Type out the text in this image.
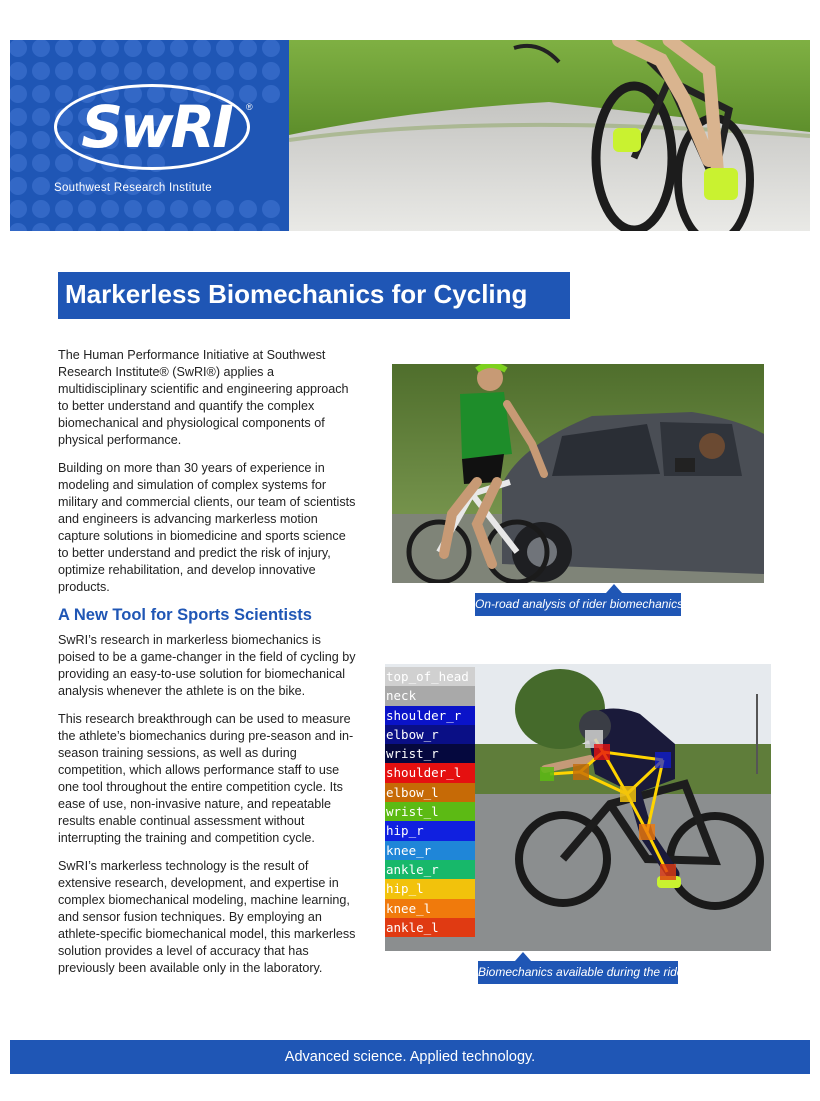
SwRI	®
Southwest Research Institute
Markerless Biomechanics for Cycling

The Human Performance Initiative at Southwest Research Institute® (SwRI®) applies a multidisciplinary scientific and engineering approach to better understand and quantify the complex biomechanical and physiological components of physical performance.

Building on more than 30 years of experience in modeling and simulation of complex systems for military and commercial clients, our team of scientists and engineers is advancing markerless motion capture solutions in biomedicine and sports science to better understand and predict the risk of injury, optimize rehabilitation, and develop innovative products.

A New Tool for Sports Scientists

SwRI’s research in markerless biomechanics is poised to be a game-changer in the field of cycling by providing an easy-to-use solution for biomechanical analysis whenever the athlete is on the bike.

This research breakthrough can be used to measure the athlete’s biomechanics during pre-season and in-season training sessions, as well as during competition, which allows performance staff to use one tool throughout the entire competition cycle. Its ease of use, non-invasive nature, and repeatable results enable continual assessment without interrupting the training and competition cycle.

SwRI’s markerless technology is the result of extensive research, development, and expertise in complex biomechanical modeling, machine learning, and sensor fusion techniques. By employing an athlete-specific biomechanical model, this markerless solution provides a level of accuracy that has previously been available only in the laboratory.

On-road analysis of rider biomechanics
top_of_head
neck
shoulder_r
elbow_r
wrist_r
shoulder_l
elbow_l
wrist_l
hip_r
knee_r
ankle_r
hip_l
knee_l
ankle_l
Biomechanics available during the ride
Advanced science. Applied technology.
